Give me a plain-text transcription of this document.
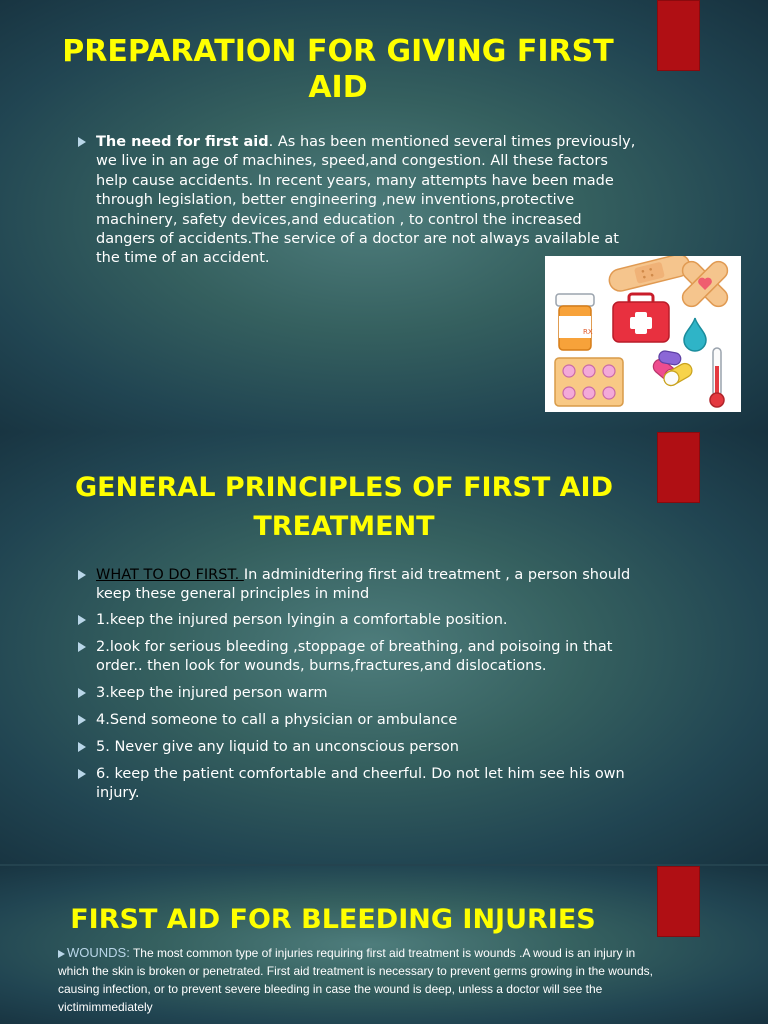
PREPARATION FOR GIVING FIRST AID
The need for first aid. As has been mentioned several times previously, we live in an age of machines, speed,and congestion. All these factors help cause accidents. In recent years, many attempts have been made through legislation, better engineering ,new inventions,protective machinery, safety devices,and education , to control the increased dangers of accidents.The service of a doctor are not always available at the time of an accident.
RX
GENERAL PRINCIPLES OF FIRST AID TREATMENT
WHAT TO DO FIRST. In adminidtering first aid treatment , a person should keep these general principles in mind
1.keep the injured person lyingin a comfortable position.
2.look for serious bleeding ,stoppage of breathing, and poisoing in that order.. then look for wounds, burns,fractures,and dislocations.
3.keep the injured person warm
4.Send someone to call a physician or ambulance
5. Never give any liquid to an unconscious person
6. keep the patient comfortable and cheerful. Do not let him see his own injury.
FIRST AID FOR BLEEDING INJURIES
WOUNDS: The most common type of injuries requiring first aid treatment is wounds .A woud is an injury in which the skin is broken or penetrated. First aid treatment is necessary to prevent germs growing in the wounds, causing infection, or to prevent severe bleeding in case the wound is deep, unless a doctor will see the victimimmediately
